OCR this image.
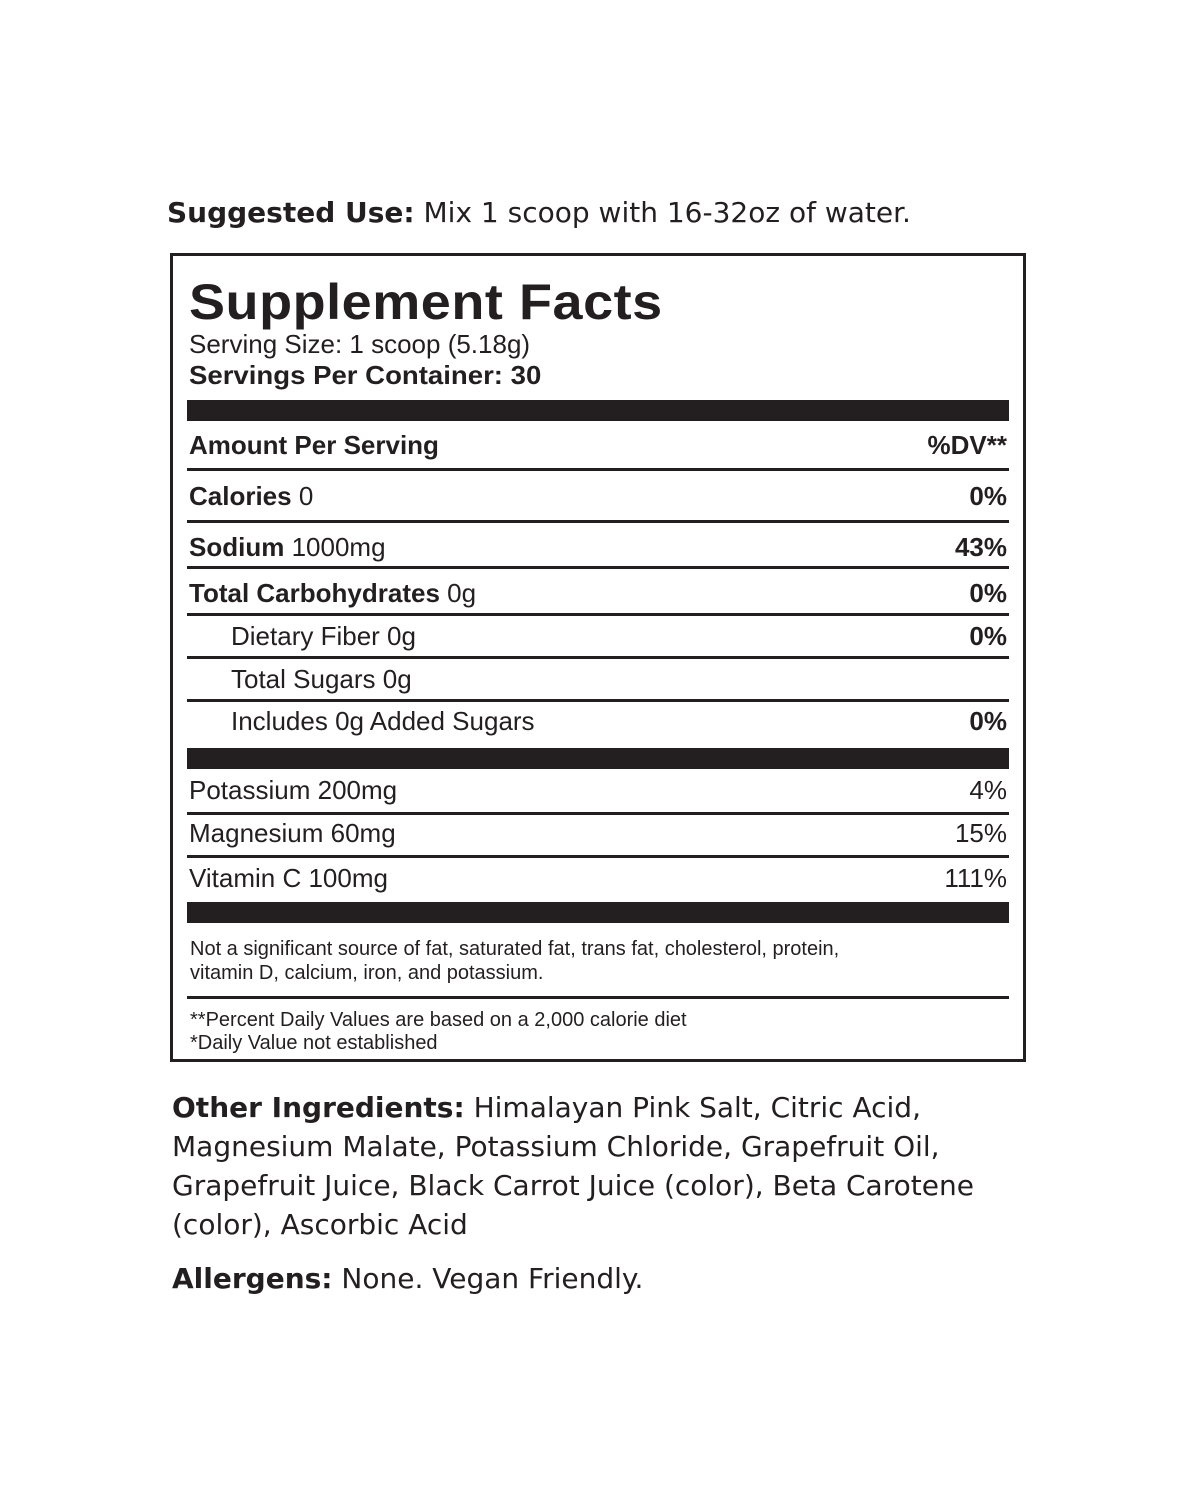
Suggested Use: Mix 1 scoop with 16-32oz of water.
Supplement Facts
Serving Size: 1 scoop (5.18g)
Servings Per Container: 30
Amount Per Serving	%DV**
Calories 0	0%
Sodium 1000mg	43%
Total Carbohydrates 0g	0%
Dietary Fiber 0g	0%
Total Sugars 0g
Includes 0g Added Sugars	0%
Potassium 200mg	4%
Magnesium 60mg	15%
Vitamin C 100mg	111%
Not a significant source of fat, saturated fat, trans fat, cholesterol, protein,
vitamin D, calcium, iron, and potassium.
**Percent Daily Values are based on a 2,000 calorie diet
*Daily Value not established
Other Ingredients: Himalayan Pink Salt, Citric Acid, Magnesium Malate, Potassium Chloride, Grapefruit Oil, Grapefruit Juice, Black Carrot Juice (color), Beta Carotene (color), Ascorbic Acid
Allergens: None. Vegan Friendly.
